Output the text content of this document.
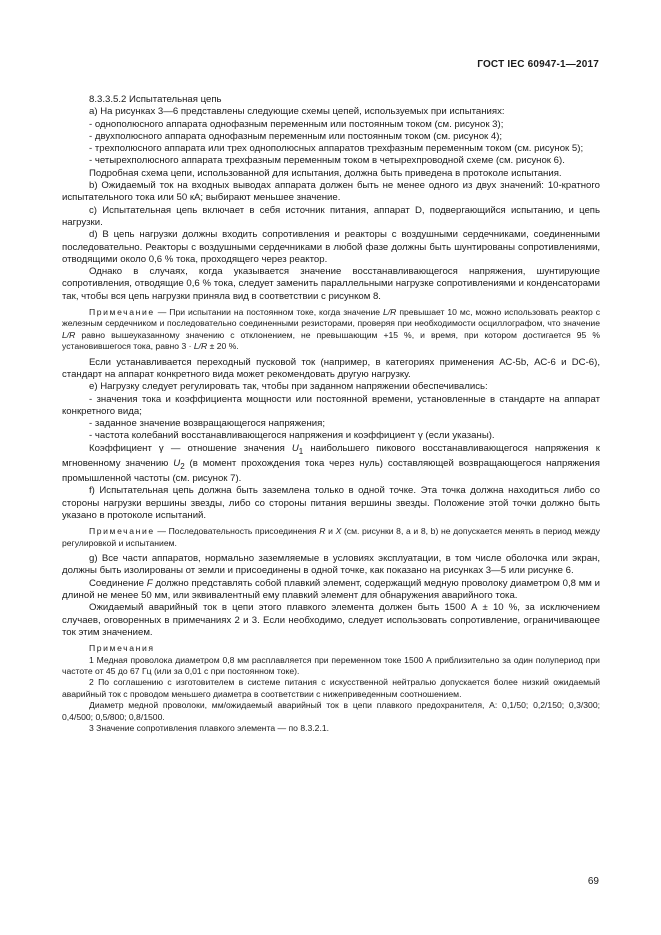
ГОСТ IEC 60947-1—2017

8.3.3.5.2 Испытательная цепь

а) На рисунках 3—6 представлены следующие схемы цепей, используемых при испытаниях:

- однополюсного аппарата однофазным переменным или постоянным током (см. рисунок 3);

- двухполюсного аппарата однофазным переменным или постоянным током (см. рисунок 4);

- трехполюсного аппарата или трех однополюсных аппаратов трехфазным переменным током (см. рисунок 5);

- четырехполюсного аппарата трехфазным переменным током в четырехпроводной схеме (см. рисунок 6).

Подробная схема цепи, использованной для испытания, должна быть приведена в протоколе испытания.

b) Ожидаемый ток на входных выводах аппарата должен быть не менее одного из двух значений: 10-кратного испытательного тока или 50 кА; выбирают меньшее значение.

с) Испытательная цепь включает в себя источник питания, аппарат D, подвергающийся испытанию, и цепь нагрузки.

d) В цепь нагрузки должны входить сопротивления и реакторы с воздушными сердечниками, соединенными последовательно. Реакторы с воздушными сердечниками в любой фазе должны быть шунтированы сопротивлениями, отводящими около 0,6 % тока, проходящего через реактор.

Однако в случаях, когда указывается значение восстанавливающегося напряжения, шунтирующие сопротивления, отводящие 0,6 % тока, следует заменить параллельными нагрузке сопротивлениями и конденсаторами так, чтобы вся цепь нагрузки приняла вид в соответствии с рисунком 8.

Примечание — При испытании на постоянном токе, когда значение L/R превышает 10 мс, можно использовать реактор с железным сердечником и последовательно соединенными резисторами, проверяя при необходимости осциллографом, что значение L/R равно вышеуказанному значению с отклонением, не превышающим +15 %, и время, при котором достигается 95 % установившегося тока, равно 3 · L/R ± 20 %.

Если устанавливается переходный пусковой ток (например, в категориях применения АС-5b, АС-6 и DC-6), стандарт на аппарат конкретного вида может рекомендовать другую нагрузку.

е) Нагрузку следует регулировать так, чтобы при заданном напряжении обеспечивались:

- значения тока и коэффициента мощности или постоянной времени, установленные в стандарте на аппарат конкретного вида;

- заданное значение возвращающегося напряжения;

- частота колебаний восстанавливающегося напряжения и коэффициент γ (если указаны).

Коэффициент γ — отношение значения $U_1$ наибольшего пикового восстанавливающегося напряжения к мгновенному значению $U_2$ (в момент прохождения тока через нуль) составляющей возвращающегося напряжения промышленной частоты (см. рисунок 7).

f) Испытательная цепь должна быть заземлена только в одной точке. Эта точка должна находиться либо со стороны нагрузки вершины звезды, либо со стороны питания вершины звезды. Положение этой точки должно быть указано в протоколе испытаний.

Примечание — Последовательность присоединения R и X (см. рисунки 8, а и 8, b) не допускается менять в период между регулировкой и испытанием.

g) Все части аппаратов, нормально заземляемые в условиях эксплуатации, в том числе оболочка или экран, должны быть изолированы от земли и присоединены в одной точке, как показано на рисунках 3—5 или рисунке 6.

Соединение F должно представлять собой плавкий элемент, содержащий медную проволоку диаметром 0,8 мм и длиной не менее 50 мм, или эквивалентный ему плавкий элемент для обнаружения аварийного тока.

Ожидаемый аварийный ток в цепи этого плавкого элемента должен быть 1500 А ± 10 %, за исключением случаев, оговоренных в примечаниях 2 и 3. Если необходимо, следует использовать сопротивление, ограничивающее ток этим значением.

Примечания

1 Медная проволока диаметром 0,8 мм расплавляется при переменном токе 1500 А приблизительно за один полупериод при частоте от 45 до 67 Гц (или за 0,01 с при постоянном токе).

2 По соглашению с изготовителем в системе питания с искусственной нейтралью допускается более низкий ожидаемый аварийный ток с проводом меньшего диаметра в соответствии с нижеприведенным соотношением.

Диаметр медной проволоки, мм/ожидаемый аварийный ток в цепи плавкого предохранителя, А: 0,1/50; 0,2/150; 0,3/300; 0,4/500; 0,5/800; 0,8/1500.

3 Значение сопротивления плавкого элемента — по 8.3.2.1.

69
